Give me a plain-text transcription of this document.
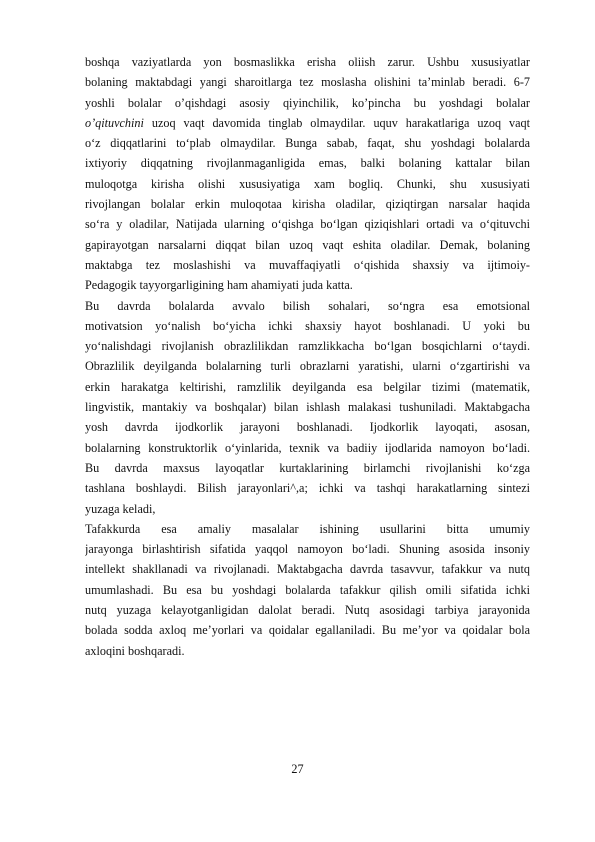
boshqa vaziyatlarda yon bosmaslikka erisha oliish zarur. Ushbu xususiyatlar
bolaning maktabdagi yangi sharoitlarga tez moslasha olishini ta’minlab beradi. 6-7
yoshli bolalar o’qishdagi asosiy qiyinchilik, ko’pincha bu yoshdagi bolalar
o’qituvchini uzoq vaqt davomida tinglab olmaydilar. uquv harakatlariga uzoq vaqt
o‘z diqqatlarini to‘plab olmaydilar. Bunga sabab, faqat, shu yoshdagi bolalarda
ixtiyoriy diqqatning rivojlanmaganligida emas, balki bolaning kattalar bilan
muloqotga kirisha olishi xususiyatiga xam bogliq. Chunki, shu xususiyati
rivojlangan bolalar erkin muloqotaa kirisha oladilar, qiziqtirgan narsalar haqida
so‘ra y oladilar, Natijada ularning o‘qishga bo‘lgan qiziqishlari ortadi va o‘qituvchi
gapirayotgan narsalarni diqqat bilan uzoq vaqt eshita oladilar. Demak, bolaning
maktabga tez moslashishi va muvaffaqiyatli o‘qishida shaxsiy va ijtimoiy-
Pedagogik tayyorgarligining ham ahamiyati juda katta.

Bu davrda bolalarda avvalo bilish sohalari, so‘ngra esa emotsional
motivatsion yo‘nalish bo‘yicha ichki shaxsiy hayot boshlanadi. U yoki bu
yo‘nalishdagi rivojlanish obrazlilikdan ramzlikkacha bo‘lgan bosqichlarni o‘taydi.
Obrazlilik deyilganda bolalarning turli obrazlarni yaratishi, ularni o‘zgartirishi va
erkin harakatga keltirishi, ramzlilik deyilganda esa belgilar tizimi (matematik,
lingvistik, mantakiy va boshqalar) bilan ishlash malakasi tushuniladi. Maktabgacha
yosh davrda ijodkorlik jarayoni boshlanadi. Ijodkorlik layoqati, asosan,
bolalarning konstruktorlik o‘yinlarida, texnik va badiiy ijodlarida namoyon bo‘ladi.
Bu davrda maxsus layoqatlar kurtaklarining birlamchi rivojlanishi ko‘zga
tashlana boshlaydi. Bilish jarayonlari^,a; ichki va tashqi harakatlarning sintezi
yuzaga keladi,

Tafakkurda esa amaliy masalalar ishining usullarini bitta umumiy
jarayonga birlashtirish sifatida yaqqol namoyon bo‘ladi. Shuning asosida insoniy
intellekt shakllanadi va rivojlanadi. Maktabgacha davrda tasavvur, tafakkur va nutq
umumlashadi. Bu esa bu yoshdagi bolalarda tafakkur qilish omili sifatida ichki
nutq yuzaga kelayotganligidan dalolat beradi. Nutq asosidagi tarbiya jarayonida
bolada sodda axloq me’yorlari va qoidalar egallaniladi. Bu me’yor va qoidalar bola
axloqini boshqaradi.

27
